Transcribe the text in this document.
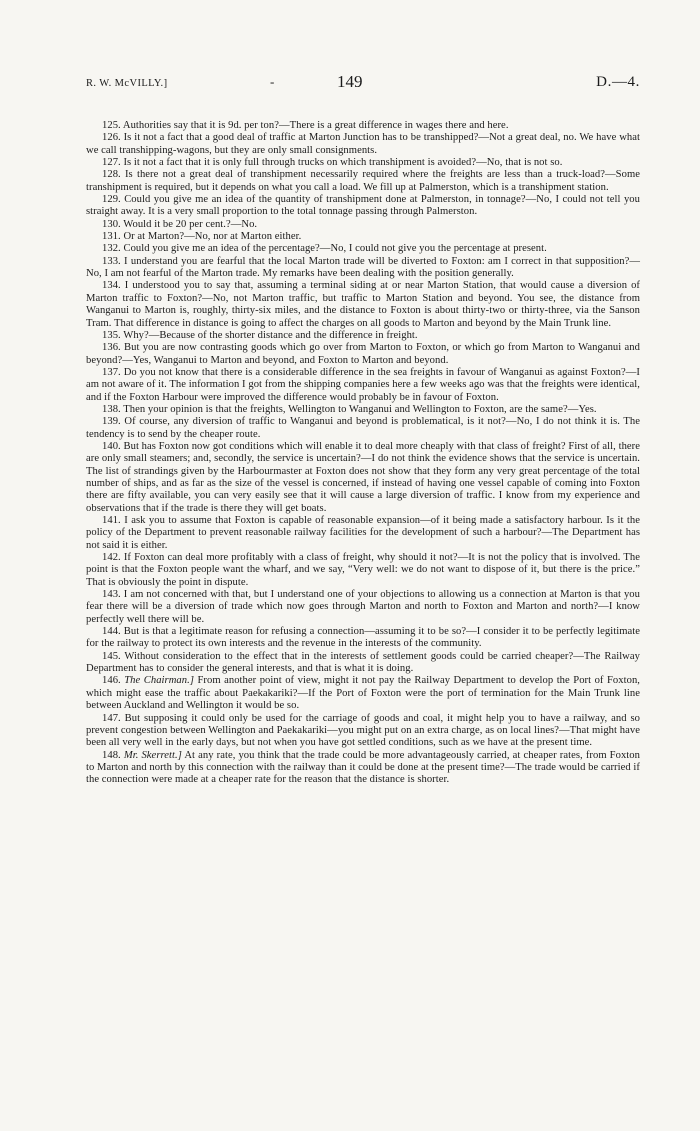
R. W. McVILLY.]	-	149	D.—4.

125. Authorities say that it is 9d. per ton?—There is a great difference in wages there and here.

126. Is it not a fact that a good deal of traffic at Marton Junction has to be transhipped?—Not a great deal, no. We have what we call transhipping-wagons, but they are only small consignments.

127. Is it not a fact that it is only full through trucks on which transhipment is avoided?—No, that is not so.

128. Is there not a great deal of transhipment necessarily required where the freights are less than a truck-load?—Some transhipment is required, but it depends on what you call a load. We fill up at Palmerston, which is a transhipment station.

129. Could you give me an idea of the quantity of transhipment done at Palmerston, in tonnage?—No, I could not tell you straight away. It is a very small proportion to the total tonnage passing through Palmerston.

130. Would it be 20 per cent.?—No.

131. Or at Marton?—No, nor at Marton either.

132. Could you give me an idea of the percentage?—No, I could not give you the percentage at present.

133. I understand you are fearful that the local Marton trade will be diverted to Foxton: am I correct in that supposition?—No, I am not fearful of the Marton trade. My remarks have been dealing with the position generally.

134. I understood you to say that, assuming a terminal siding at or near Marton Station, that would cause a diversion of Marton traffic to Foxton?—No, not Marton traffic, but traffic to Marton Station and beyond. You see, the distance from Wanganui to Marton is, roughly, thirty-six miles, and the distance to Foxton is about thirty-two or thirty-three, via the Sanson Tram. That difference in distance is going to affect the charges on all goods to Marton and beyond by the Main Trunk line.

135. Why?—Because of the shorter distance and the difference in freight.

136. But you are now contrasting goods which go over from Marton to Foxton, or which go from Marton to Wanganui and beyond?—Yes, Wanganui to Marton and beyond, and Foxton to Marton and beyond.

137. Do you not know that there is a considerable difference in the sea freights in favour of Wanganui as against Foxton?—I am not aware of it. The information I got from the shipping companies here a few weeks ago was that the freights were identical, and if the Foxton Harbour were improved the difference would probably be in favour of Foxton.

138. Then your opinion is that the freights, Wellington to Wanganui and Wellington to Foxton, are the same?—Yes.

139. Of course, any diversion of traffic to Wanganui and beyond is problematical, is it not?—No, I do not think it is. The tendency is to send by the cheaper route.

140. But has Foxton now got conditions which will enable it to deal more cheaply with that class of freight? First of all, there are only small steamers; and, secondly, the service is uncertain?—I do not think the evidence shows that the service is uncertain. The list of strandings given by the Harbourmaster at Foxton does not show that they form any very great percentage of the total number of ships, and as far as the size of the vessel is concerned, if instead of having one vessel capable of coming into Foxton there are fifty available, you can very easily see that it will cause a large diversion of traffic. I know from my experience and observations that if the trade is there they will get boats.

141. I ask you to assume that Foxton is capable of reasonable expansion—of it being made a satisfactory harbour. Is it the policy of the Department to prevent reasonable railway facilities for the development of such a harbour?—The Department has not said it is either.

142. If Foxton can deal more profitably with a class of freight, why should it not?—It is not the policy that is involved. The point is that the Foxton people want the wharf, and we say, “Very well: we do not want to dispose of it, but there is the price.” That is obviously the point in dispute.

143. I am not concerned with that, but I understand one of your objections to allowing us a connection at Marton is that you fear there will be a diversion of trade which now goes through Marton and north to Foxton and Marton and north?—I know perfectly well there will be.

144. But is that a legitimate reason for refusing a connection—assuming it to be so?—I consider it to be perfectly legitimate for the railway to protect its own interests and the revenue in the interests of the community.

145. Without consideration to the effect that in the interests of settlement goods could be carried cheaper?—The Railway Department has to consider the general interests, and that is what it is doing.

146. The Chairman.] From another point of view, might it not pay the Railway Department to develop the Port of Foxton, which might ease the traffic about Paekakariki?—If the Port of Foxton were the port of termination for the Main Trunk line between Auckland and Wellington it would be so.

147. But supposing it could only be used for the carriage of goods and coal, it might help you to have a railway, and so prevent congestion between Wellington and Paekakariki—you might put on an extra charge, as on local lines?—That might have been all very well in the early days, but not when you have got settled conditions, such as we have at the present time.

148. Mr. Skerrett.] At any rate, you think that the trade could be more advantageously carried, at cheaper rates, from Foxton to Marton and north by this connection with the railway than it could be done at the present time?—The trade would be carried if the connection were made at a cheaper rate for the reason that the distance is shorter.
